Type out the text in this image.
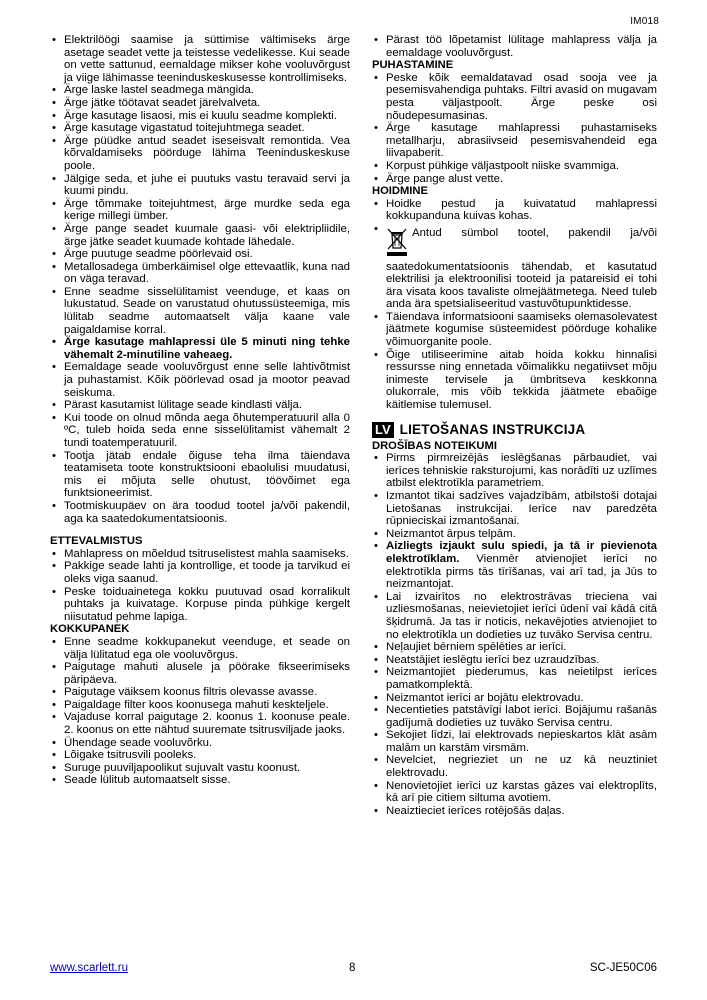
IM018
• Elektrilöögi saamise ja süttimise vältimiseks ärge asetage seadet vette ja teistesse vedelikesse. Kui seade on vette sattunud, eemaldage mikser kohe vooluvõrgust ja viige lähimasse teeninduskeskusesse kontrollimiseks.
• Ärge laske lastel seadmega mängida.
• Ärge jätke töötavat seadet järelvalveta.
• Ärge kasutage lisaosi, mis ei kuulu seadme komplekti.
• Ärge kasutage vigastatud toitejuhtmega seadet.
• Ärge püüdke antud seadet iseseisvalt remontida. Vea kõrvaldamiseks pöörduge lähima Teeninduskeskuse poole.
• Jälgige seda, et juhe ei puutuks vastu teravaid servi ja kuumi pindu.
• Ärge tõmmake toitejuhtmest, ärge murdke seda ega kerige millegi ümber.
• Ärge pange seadet kuumale gaasi- või elektripliidile, ärge jätke seadet kuumade kohtade lähedale.
• Ärge puutuge seadme pöörlevaid osi.
• Metallosadega ümberkäimisel olge ettevaatlik, kuna nad on väga teravad.
• Enne seadme sisselülitamist veenduge, et kaas on lukustatud. Seade on varustatud ohutussüsteemiga, mis lülitab seadme automaatselt välja kaane vale paigaldamise korral.
• Ärge kasutage mahlapressi üle 5 minuti ning tehke vähemalt 2-minutiline vaheaeg.
• Eemaldage seade vooluvõrgust enne selle lahtivõtmist ja puhastamist. Kõik pöörlevad osad ja mootor peavad seiskuma.
• Pärast kasutamist lülitage seade kindlasti välja.
• Kui toode on olnud mõnda aega õhutemperatuuril alla 0 ºC, tuleb hoida seda enne sisselülitamist vähemalt 2 tundi toatemperatuuril.
• Tootja jätab endale õiguse teha ilma täiendava teatamiseta toote konstruktsiooni ebaolulisi muudatusi, mis ei mõjuta selle ohutust, töövõimet ega funktsioneerimist.
• Tootmiskuupäev on ära toodud tootel ja/või pakendil, aga ka saatedokumentatsioonis.
ETTEVALMISTUS
• Mahlapress on mõeldud tsitruselistest mahla saamiseks.
• Pakkige seade lahti ja kontrollige, et toode ja tarvikud ei oleks viga saanud.
• Peske toiduainetega kokku puutuvad osad korralikult puhtaks ja kuivatage. Korpuse pinda pühkige kergelt niisutatud pehme lapiga.
KOKKUPANEK
• Enne seadme kokkupanekut veenduge, et seade on välja lülitatud ega ole vooluvõrgus.
• Paigutage mahuti alusele ja pöörake fikseerimiseks päripäeva.
• Paigutage väiksem koonus filtris olevasse avasse.
• Paigaldage filter koos koonusega mahuti keskteljele.
• Vajaduse korral paigutage 2. koonus 1. koonuse peale. 2. koonus on ette nähtud suuremate tsitrusviljade jaoks.
• Ühendage seade vooluvõrku.
• Lõigake tsitrusvili pooleks.
• Suruge puuviljapoolikut sujuvalt vastu koonust.
• Seade lülitub automaatselt sisse.
• Pärast töö lõpetamist lülitage mahlapress välja ja eemaldage vooluvõrgust.
PUHASTAMINE
• Peske kõik eemaldatavad osad sooja vee ja pesemisvahendiga puhtaks. Filtri avasid on mugavam pesta väljastpoolt. Ärge peske osi nõudepesumasinas.
• Ärge kasutage mahlapressi puhastamiseks metallharju, abrasiivseid pesemisvahendeid ega liivapaberit.
• Korpust pühkige väljastpoolt niiske svammiga.
• Ärge pange alust vette.
HOIDMINE
• Hoidke pestud ja kuivatatud mahlapressi kokkupanduna kuivas kohas.
• Antud sümbol tootel, pakendil ja/või saatedokumentatsioonis tähendab, et kasutatud elektrilisi ja elektroonilisi tooteid ja patareisid ei tohi ära visata koos tavaliste olmejäätmetega. Need tuleb anda ära spetsialiseeritud vastuvõtupunktidesse.
• Täiendava informatsiooni saamiseks olemasolevatest jäätmete kogumise süsteemidest pöörduge kohalike võimuorganite poole.
• Õige utiliseerimine aitab hoida kokku hinnalisi ressursse ning ennetada võimalikku negatiivset mõju inimeste tervisele ja ümbritseva keskkonna olukorrale, mis võib tekkida jäätmete ebaõige käitlemise tulemusel.
LV LIETOŠANAS INSTRUKCIJA
DROŠĪBAS NOTEIKUMI
• Pirms pirmreizējās ieslēgšanas pārbaudiet, vai ierīces tehniskie raksturojumi, kas norādīti uz uzlīmes atbilst elektrotīkla parametriem.
• Izmantot tikai sadzīves vajadzībām, atbilstoši dotajai Lietošanas instrukcijai. Ierīce nav paredzēta rūpnieciskai izmantošanai.
• Neizmantot ārpus telpām.
• Aizliegts izjaukt sulu spiedi, ja tā ir pievienota elektrotīklam. Vienmēr atvienojiet ierīci no elektrotīkla pirms tās tīrīšanas, vai arī tad, ja Jūs to neizmantojat.
• Lai izvairītos no elektrostrāvas trieciena vai uzliesmošanas, neievietojiet ierīci ūdenī vai kādā citā šķidrumā. Ja tas ir noticis, nekavējoties atvienojiet to no elektrotīkla un dodieties uz tuvāko Servisa centru.
• Neļaujiet bērniem spēlēties ar ierīci.
• Neatstājiet ieslēgtu ierīci bez uzraudzības.
• Neizmantojiet piederumus, kas neietilpst ierīces pamatkomplektā.
• Neizmantot ierīci ar bojātu elektrovadu.
• Necentieties patstāvīgi labot ierīci. Bojājumu rašanās gadījumā dodieties uz tuvāko Servisa centru.
• Sekojiet līdzi, lai elektrovads nepieskartos klāt asām malām un karstām virsmām.
• Nevelciet, negrieziet un ne uz kā neuztiniet elektrovadu.
• Nenovietojiet ierīci uz karstas gāzes vai elektroplīts, kā arī pie citiem siltuma avotiem.
• Neaiztieciet ierīces rotējošās daļas.
www.scarlett.ru	8	SC-JE50C06
